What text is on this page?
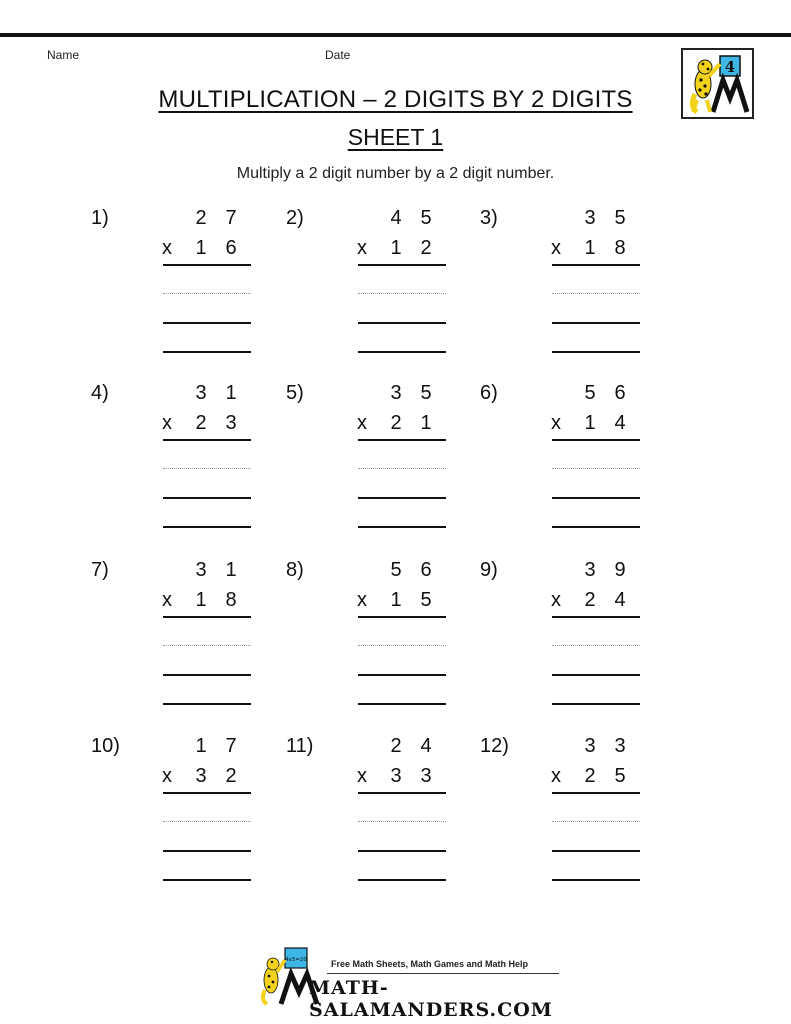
Name	Date
4
MULTIPLICATION – 2 DIGITS BY 2 DIGITS
SHEET 1
Multiply a 2 digit number by a 2 digit number.
1)	2 7
x 1 6
2)	4 5
x 1 2
3)	3 5
x 1 8
4)	3 1
x 2 3
5)	3 5
x 2 1
6)	5 6
x 1 4
7)	3 1
x 1 8
8)	5 6
x 1 5
9)	3 9
x 2 4
10)	1 7
x 3 2
11)	2 4
x 3 3
12)	3 3
x 2 5
4x5=20	Free Math Sheets, Math Games and Math Help
MATH-SALAMANDERS.COM
